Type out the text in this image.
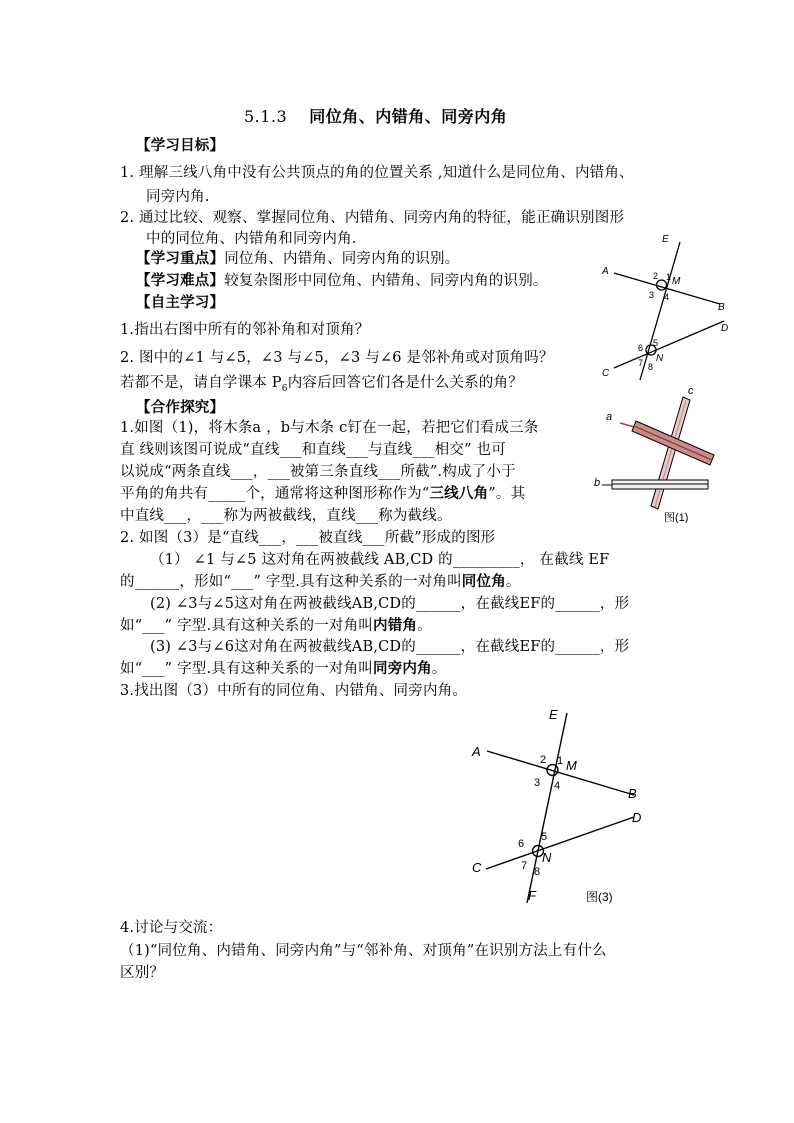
5.1.3 同位角、内错角、同旁内角
【学习目标】
1. 理解三线八角中没有公共顶点的角的位置关系 ,知道什么是同位角、内错角、
同旁内角.
2. 通过比较、观察、掌握同位角、内错角、同旁内角的特征，能正确识别图形
中的同位角、内错角和同旁内角.
【学习重点】同位角、内错角、同旁内角的识别。
【学习难点】较复杂图形中同位角、内错角、同旁内角的识别。
【自主学习】
1.指出右图中所有的邻补角和对顶角？
2. 图中的∠1 与∠5，∠3 与∠5，∠3 与∠6 是邻补角或对顶角吗？
若都不是，请自学课本 $P_6$内容后回答它们各是什么关系的角？
【合作探究】
1.如图（1)，将木条a ，b与木条 c钉在一起，若把它们看成三条
直 线则该图可说成“直线___和直线___与直线___相交” 也可
以说成“两条直线___，___被第三条直线___所截”.构成了小于
平角的角共有_____个，通常将这种图形称作为“三线八角”。其
中直线___，___称为两被截线，直线___称为截线。
2. 如图（3）是“直线___，___被直线___所截”形成的图形
（1） ∠1 与∠5 这对角在两被截线 AB,CD 的_________， 在截线 EF
的______，形如“___” 字型.具有这种关系的一对角叫同位角。
(2) ∠3与∠5这对角在两被截线AB,CD的______，在截线EF的______，形
如“___” 字型.具有这种关系的一对角叫内错角。
(3) ∠3与∠6这对角在两被截线AB,CD的______，在截线EF的______，形
如“___” 字型.具有这种关系的一对角叫同旁内角。
3.找出图（3）中所有的同位角、内错角、同旁内角。
4.讨论与交流：
（1)“同位角、内错角、同旁内角”与“邻补角、对顶角”在识别方法上有什么
区别？
E
A
B
C
D
M
N
1
2
3 4
5
6
7 8
a
b
c
图(1)
E
A
B
C
D
F
M
N
1
2
3 4
5
6
7 8
图(3)
